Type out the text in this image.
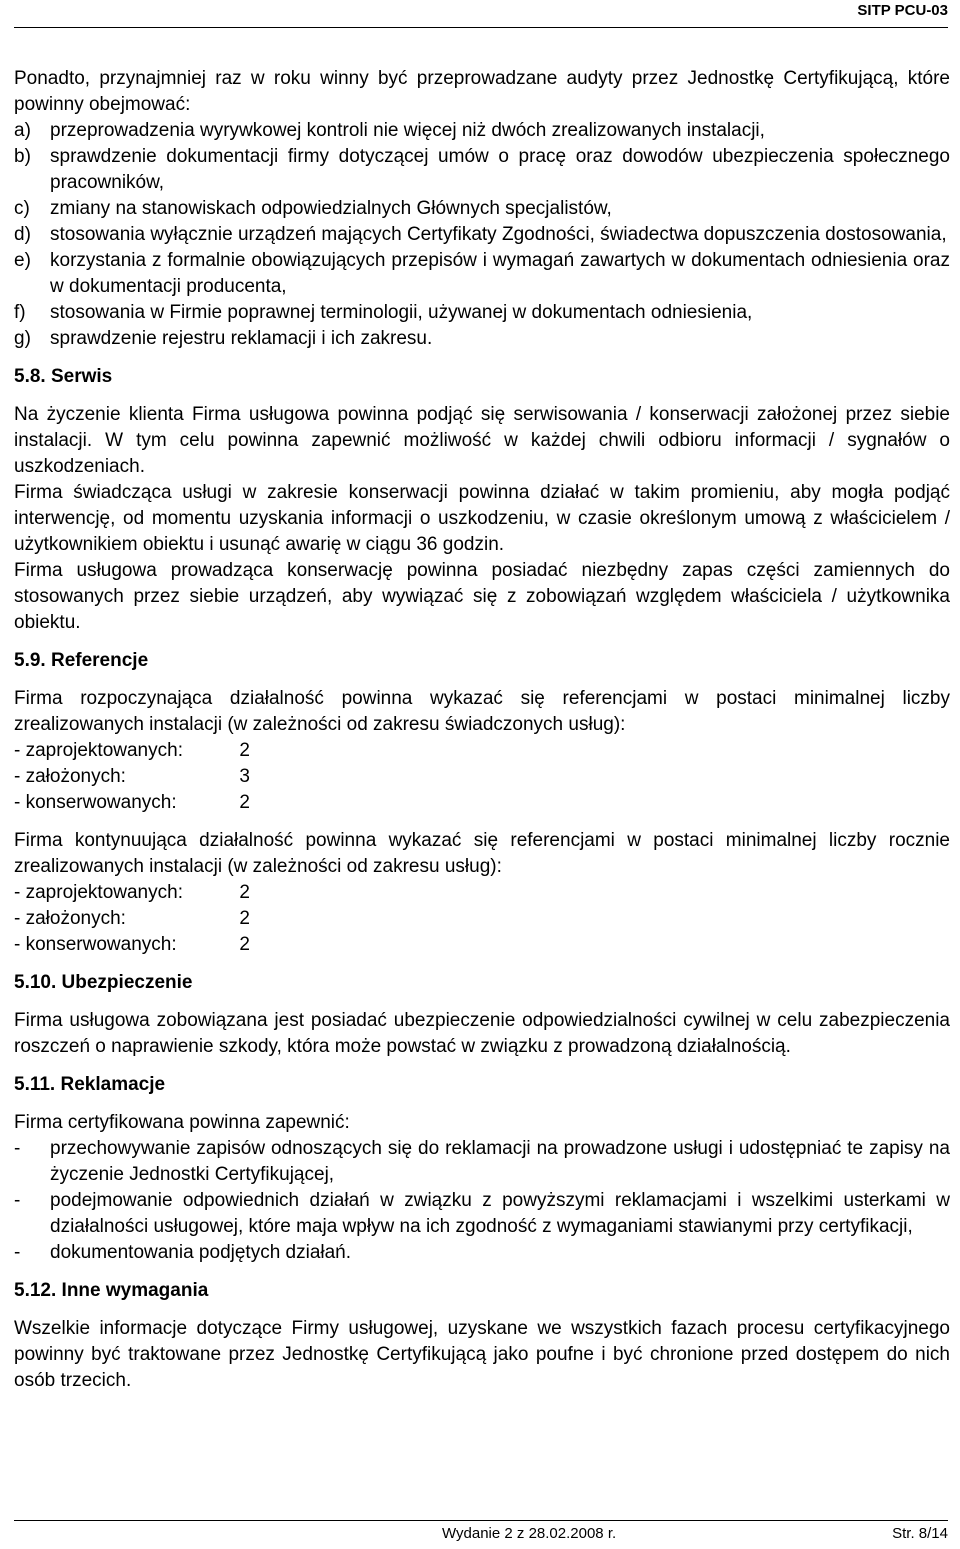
SITP PCU-03

Ponadto, przynajmniej raz w roku winny być przeprowadzane audyty przez Jednostkę Certyfikującą, które powinny obejmować:

a) przeprowadzenia wyrywkowej kontroli nie więcej niż dwóch zrealizowanych instalacji,
b) sprawdzenie dokumentacji firmy dotyczącej umów o pracę oraz dowodów ubezpieczenia społecznego pracowników,
c) zmiany na stanowiskach odpowiedzialnych Głównych specjalistów,
d) stosowania wyłącznie urządzeń mających Certyfikaty Zgodności, świadectwa dopuszczenia dostosowania,
e) korzystania z formalnie obowiązujących przepisów i wymagań zawartych w dokumentach odniesienia oraz w dokumentacji producenta,
f) stosowania w Firmie poprawnej terminologii, używanej w dokumentach odniesienia,
g) sprawdzenie rejestru reklamacji i ich zakresu.
5.8. Serwis

Na życzenie klienta Firma usługowa powinna podjąć się serwisowania / konserwacji założonej przez siebie instalacji. W tym celu powinna zapewnić możliwość w każdej chwili odbioru informacji / sygnałów o uszkodzeniach.

Firma świadcząca usługi w zakresie konserwacji powinna działać w takim promieniu, aby mogła podjąć interwencję, od momentu uzyskania informacji o uszkodzeniu, w czasie określonym umową z właścicielem / użytkownikiem obiektu i usunąć awarię w ciągu 36 godzin.

Firma usługowa prowadząca konserwację powinna posiadać niezbędny zapas części zamiennych do stosowanych przez siebie urządzeń, aby wywiązać się z zobowiązań względem właściciela / użytkownika obiektu.

5.9. Referencje

Firma rozpoczynająca działalność powinna wykazać się referencjami w postaci minimalnej liczby zrealizowanych instalacji (w zależności od zakresu świadczonych usług):

- zaprojektowanych:	2
- założonych:	3
- konserwowanych:	2

Firma kontynuująca działalność powinna wykazać się referencjami w postaci minimalnej liczby rocznie zrealizowanych instalacji (w zależności od zakresu usług):

- zaprojektowanych:	2
- założonych:	2
- konserwowanych:	2
5.10. Ubezpieczenie

Firma usługowa zobowiązana jest posiadać ubezpieczenie odpowiedzialności cywilnej w celu zabezpieczenia roszczeń o naprawienie szkody, która może powstać w związku z prowadzoną działalnością.

5.11. Reklamacje

Firma certyfikowana powinna zapewnić:

- przechowywanie zapisów odnoszących się do reklamacji na prowadzone usługi i udostępniać te zapisy na życzenie Jednostki Certyfikującej,
- podejmowanie odpowiednich działań w związku z powyższymi reklamacjami i wszelkimi usterkami w działalności usługowej, które maja wpływ na ich zgodność z wymaganiami stawianymi przy certyfikacji,
- dokumentowania podjętych działań.
5.12. Inne wymagania

Wszelkie informacje dotyczące Firmy usługowej, uzyskane we wszystkich fazach procesu certyfikacyjnego powinny być traktowane przez Jednostkę Certyfikującą jako poufne i być chronione przed dostępem do nich osób trzecich.

Wydanie 2 z 28.02.2008 r.	Str. 8/14
